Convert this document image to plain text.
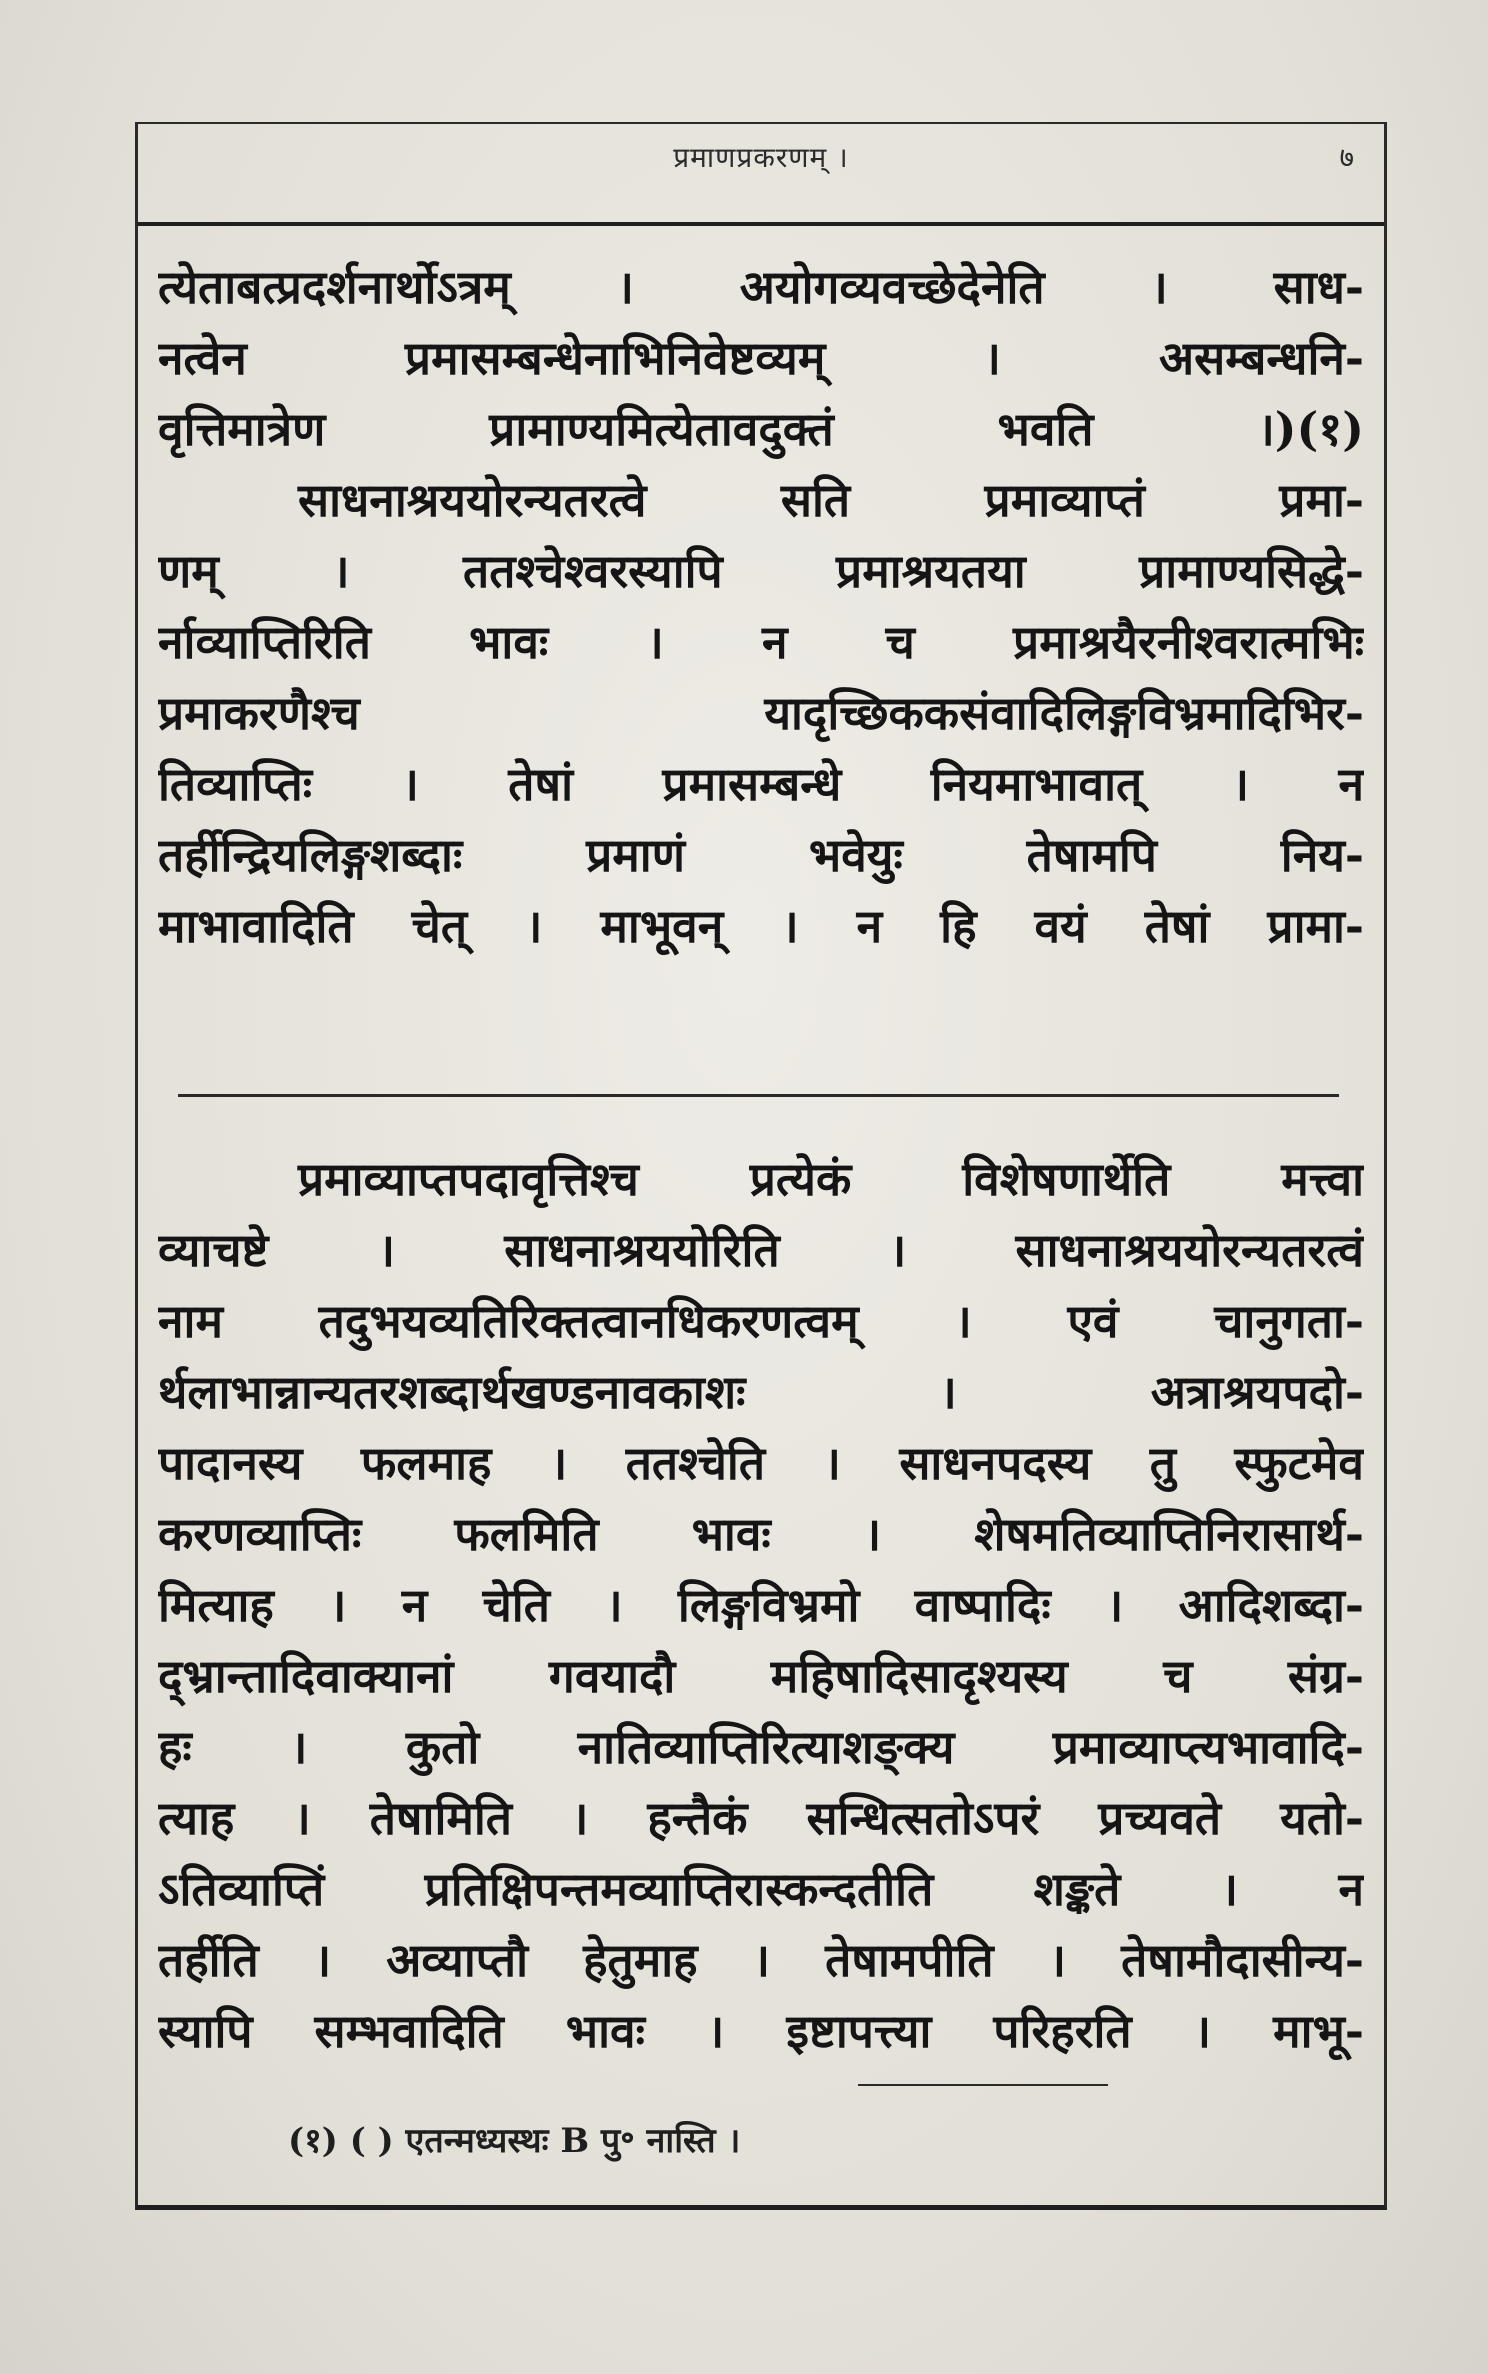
प्रमाणप्रकरणम् ।	७
त्येताबत्प्रदर्शनार्थोऽत्रम् । अयोगव्यवच्छेदेनेति । साध-
नत्वेन प्रमासम्बन्धेनाभिनिवेष्टव्यम् । असम्बन्धनि-
वृत्तिमात्रेण प्रामाण्यमित्येतावदुक्तं भवति ।)(१)
साधनाश्रययोरन्यतरत्वे सति प्रमाव्याप्तं प्रमा-
णम् । ततश्चेश्वरस्यापि प्रमाश्रयतया प्रामाण्यसिद्धे-
र्नाव्याप्तिरिति भावः । न च प्रमाश्रयैरनीश्वरात्मभिः
प्रमाकरणैश्च यादृच्छिककसंवादिलिङ्गविभ्रमादिभिर-
तिव्याप्तिः । तेषां प्रमासम्बन्धे नियमाभावात् । न
तर्हीन्द्रियलिङ्गशब्दाः प्रमाणं भवेयुः तेषामपि निय-
माभावादिति चेत् । माभूवन् । न हि वयं तेषां प्रामा-
प्रमाव्याप्तपदावृत्तिश्च प्रत्येकं विशेषणार्थेति मत्त्वा
व्याचष्टे । साधनाश्रययोरिति । साधनाश्रययोरन्यतरत्वं
नाम तदुभयव्यतिरिक्तत्वानधिकरणत्वम् । एवं चानुगता-
र्थलाभान्नान्यतरशब्दार्थखण्डनावकाशः । अत्राश्रयपदो-
पादानस्य फलमाह । ततश्चेति । साधनपदस्य तु स्फुटमेव
करणव्याप्तिः फलमिति भावः । शेषमतिव्याप्तिनिरासार्थ-
मित्याह । न चेति । लिङ्गविभ्रमो वाष्पादिः । आदिशब्दा-
द्भ्रान्तादिवाक्यानां गवयादौ महिषादिसादृश्यस्य च संग्र-
हः । कुतो नातिव्याप्तिरित्याशङ्क्य प्रमाव्याप्त्यभावादि-
त्याह । तेषामिति । हन्तैकं सन्धित्सतोऽपरं प्रच्यवते यतो-
ऽतिव्याप्तिं प्रतिक्षिपन्तमव्याप्तिरास्कन्दतीति शङ्कते । न
तर्हीति । अव्याप्तौ हेतुमाह । तेषामपीति । तेषामौदासीन्य-
स्यापि सम्भवादिति भावः । इष्टापत्त्या परिहरति । माभू-
(१) ( ) एतन्मध्यस्थः B पु॰ नास्ति ।
